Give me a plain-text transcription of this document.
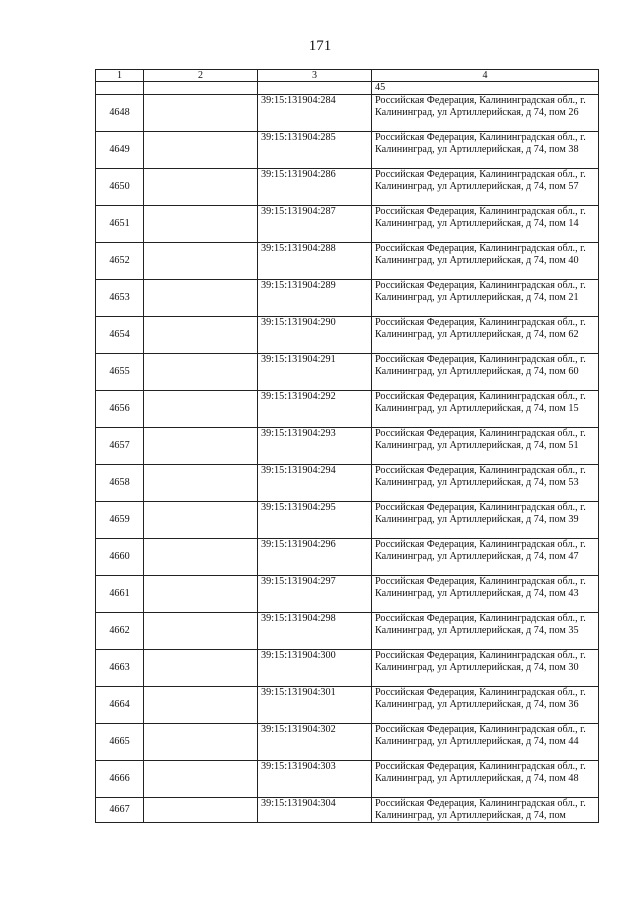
171
1	2	3	4
			45
4648		39:15:131904:284	Российская Федерация, Калининградская обл., г. Калининград, ул Артиллерийская, д 74, пом 26
4649		39:15:131904:285	Российская Федерация, Калининградская обл., г. Калининград, ул Артиллерийская, д 74, пом 38
4650		39:15:131904:286	Российская Федерация, Калининградская обл., г. Калининград, ул Артиллерийская, д 74, пом 57
4651		39:15:131904:287	Российская Федерация, Калининградская обл., г. Калининград, ул Артиллерийская, д 74, пом 14
4652		39:15:131904:288	Российская Федерация, Калининградская обл., г. Калининград, ул Артиллерийская, д 74, пом 40
4653		39:15:131904:289	Российская Федерация, Калининградская обл., г. Калининград, ул Артиллерийская, д 74, пом 21
4654		39:15:131904:290	Российская Федерация, Калининградская обл., г. Калининград, ул Артиллерийская, д 74, пом 62
4655		39:15:131904:291	Российская Федерация, Калининградская обл., г. Калининград, ул Артиллерийская, д 74, пом 60
4656		39:15:131904:292	Российская Федерация, Калининградская обл., г. Калининград, ул Артиллерийская, д 74, пом 15
4657		39:15:131904:293	Российская Федерация, Калининградская обл., г. Калининград, ул Артиллерийская, д 74, пом 51
4658		39:15:131904:294	Российская Федерация, Калининградская обл., г. Калининград, ул Артиллерийская, д 74, пом 53
4659		39:15:131904:295	Российская Федерация, Калининградская обл., г. Калининград, ул Артиллерийская, д 74, пом 39
4660		39:15:131904:296	Российская Федерация, Калининградская обл., г. Калининград, ул Артиллерийская, д 74, пом 47
4661		39:15:131904:297	Российская Федерация, Калининградская обл., г. Калининград, ул Артиллерийская, д 74, пом 43
4662		39:15:131904:298	Российская Федерация, Калининградская обл., г. Калининград, ул Артиллерийская, д 74, пом 35
4663		39:15:131904:300	Российская Федерация, Калининградская обл., г. Калининград, ул Артиллерийская, д 74, пом 30
4664		39:15:131904:301	Российская Федерация, Калининградская обл., г. Калининград, ул Артиллерийская, д 74, пом 36
4665		39:15:131904:302	Российская Федерация, Калининградская обл., г. Калининград, ул Артиллерийская, д 74, пом 44
4666		39:15:131904:303	Российская Федерация, Калининградская обл., г. Калининград, ул Артиллерийская, д 74, пом 48
4667		39:15:131904:304	Российская Федерация, Калининградская обл., г. Калининград, ул Артиллерийская, д 74, пом
